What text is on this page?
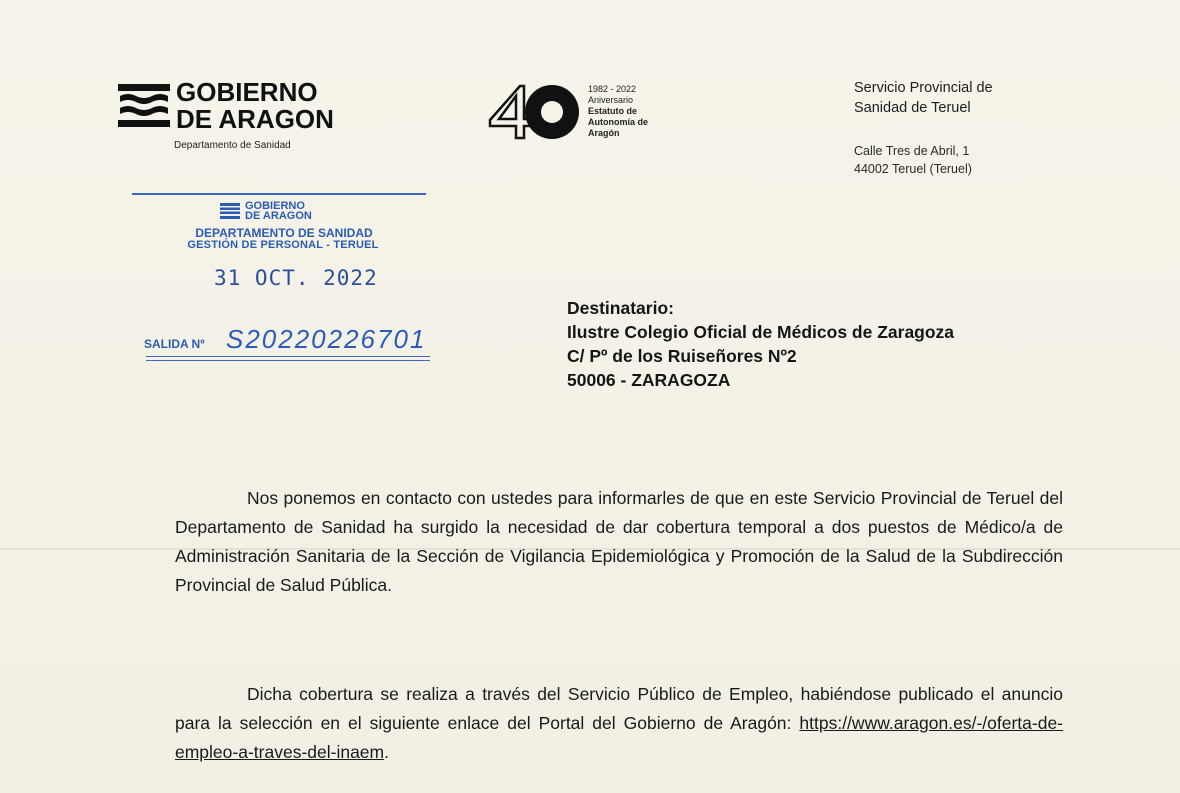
GOBIERNO
DE ARAGON
Departamento de Sanidad
1982 - 2022
Aniversario
Estatuto de
Autonomía de
Aragón
Servicio Provincial de
Sanidad de Teruel
Calle Tres de Abril, 1
44002 Teruel (Teruel)
GOBIERNO
DE ARAGON
DEPARTAMENTO DE SANIDAD
GESTIÓN DE PERSONAL - TERUEL
31 OCT. 2022
SALIDA Nº S20220226701
Destinatario:
Ilustre Colegio Oficial de Médicos de Zaragoza
C/ Pº de los Ruiseñores Nº2
50006 - ZARAGOZA
Nos ponemos en contacto con ustedes para informarles de que en este Servicio Provincial de Teruel del Departamento de Sanidad ha surgido la necesidad de dar cobertura temporal a dos puestos de Médico/a de Administración Sanitaria de la Sección de Vigilancia Epidemiológica y Promoción de la Salud de la Subdirección Provincial de Salud Pública.
Dicha cobertura se realiza a través del Servicio Público de Empleo, habiéndose publicado el anuncio para la selección en el siguiente enlace del Portal del Gobierno de Aragón: https://www.aragon.es/-/oferta-de-empleo-a-traves-del-inaem.
